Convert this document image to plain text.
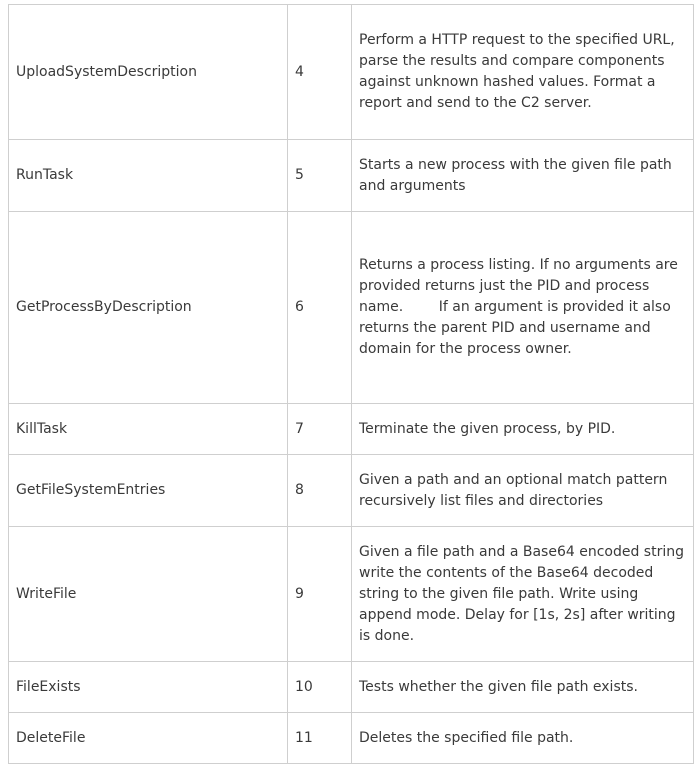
UploadSystemDescription	4	Perform a HTTP request to the specified URL, parse the results and compare components against unknown hashed values. Format a report and send to the C2 server.

RunTask	5	Starts a new process with the given file path and arguments

GetProcessByDescription	6	Returns a process listing. If no arguments are provided returns just the PID and process name.        If an argument is provided it also returns the parent PID and username and domain for the process owner.

KillTask	7	Terminate the given process, by PID.

GetFileSystemEntries	8	Given a path and an optional match pattern recursively list files and directories

WriteFile	9	Given a file path and a Base64 encoded string write the contents of the Base64 decoded string to the given file path. Write using append mode. Delay for [1s, 2s] after writing is done.

FileExists	10	Tests whether the given file path exists.

DeleteFile	11	Deletes the specified file path.
